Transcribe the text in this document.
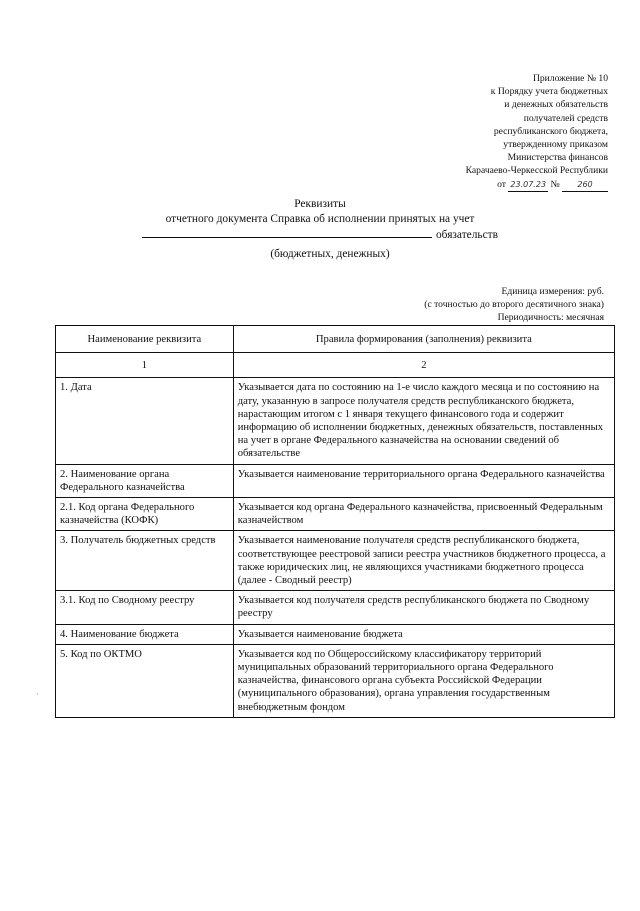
Приложение № 10
к Порядку учета бюджетных
и денежных обязательств
получателей средств
республиканского бюджета,
утвержденному приказом
Министерства финансов
Карачаево-Черкесской Республики
от 23.07.23 № 260
Реквизиты
отчетного документа Справка об исполнении принятых на учет
обязательств
(бюджетных, денежных)
Единица измерения: руб.
(с точностью до второго десятичного знака)
Периодичность: месячная
Наименование реквизита	Правила формирования (заполнения) реквизита
1	2
1. Дата	Указывается дата по состоянию на 1-е число каждого месяца и по состоянию на дату, указанную в запросе получателя средств республиканского бюджета, нарастающим итогом с 1 января текущего финансового года и содержит информацию об исполнении бюджетных, денежных обязательств, поставленных на учет в органе Федерального казначейства на основании сведений об обязательстве
2. Наименование органа Федерального казначейства	Указывается наименование территориального органа Федерального казначейства
2.1. Код органа Федерального казначейства (КОФК)	Указывается код органа Федерального казначейства, присвоенный Федеральным казначейством
3. Получатель бюджетных средств	Указывается наименование получателя средств республиканского бюджета, соответствующее реестровой записи реестра участников бюджетного процесса, а также юридических лиц, не являющихся участниками бюджетного процесса (далее - Сводный реестр)
3.1. Код по Сводному реестру	Указывается код получателя средств республиканского бюджета по Сводному реестру
4. Наименование бюджета	Указывается наименование бюджета
5. Код по ОКТМО	Указывается код по Общероссийскому классификатору территорий муниципальных образований территориального органа Федерального казначейства, финансового органа субъекта Российской Федерации (муниципального образования), органа управления государственным внебюджетным фондом
·
